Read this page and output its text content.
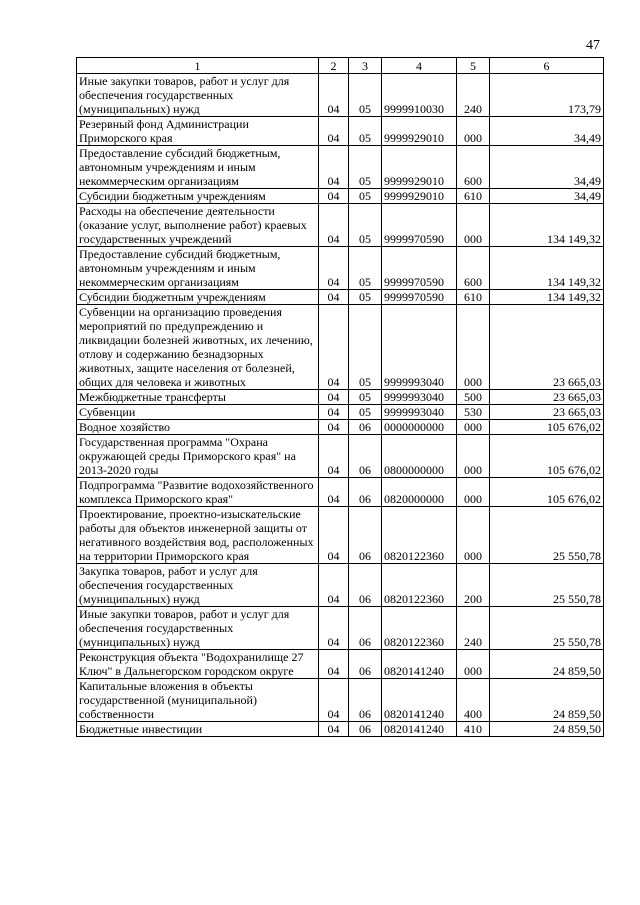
47
1	2	3	4	5	6
Иные закупки товаров, работ и услуг для обеспечения государственных (муниципальных) нужд	04	05	9999910030	240	173,79
Резервный фонд Администрации Приморского края	04	05	9999929010	000	34,49
Предоставление субсидий бюджетным, автономным учреждениям и иным некоммерческим организациям	04	05	9999929010	600	34,49
Субсидии бюджетным учреждениям	04	05	9999929010	610	34,49
Расходы на обеспечение деятельности (оказание услуг, выполнение работ) краевых государственных учреждений	04	05	9999970590	000	134 149,32
Предоставление субсидий бюджетным, автономным учреждениям и иным некоммерческим организациям	04	05	9999970590	600	134 149,32
Субсидии бюджетным учреждениям	04	05	9999970590	610	134 149,32
Субвенции на организацию проведения мероприятий по предупреждению и ликвидации болезней животных, их лечению, отлову и содержанию безнадзорных животных, защите населения от болезней, общих для человека и животных	04	05	9999993040	000	23 665,03
Межбюджетные трансферты	04	05	9999993040	500	23 665,03
Субвенции	04	05	9999993040	530	23 665,03
Водное хозяйство	04	06	0000000000	000	105 676,02
Государственная программа "Охрана окружающей среды Приморского края" на 2013-2020 годы	04	06	0800000000	000	105 676,02
Подпрограмма "Развитие водохозяйственного комплекса Приморского края"	04	06	0820000000	000	105 676,02
Проектирование, проектно-изыскательские работы для объектов инженерной защиты от негативного воздействия вод, расположенных на территории Приморского края	04	06	0820122360	000	25 550,78
Закупка товаров, работ и услуг для обеспечения государственных (муниципальных) нужд	04	06	0820122360	200	25 550,78
Иные закупки товаров, работ и услуг для обеспечения государственных (муниципальных) нужд	04	06	0820122360	240	25 550,78
Реконструкция объекта "Водохранилище 27 Ключ" в Дальнегорском городском округе	04	06	0820141240	000	24 859,50
Капитальные вложения в объекты государственной (муниципальной) собственности	04	06	0820141240	400	24 859,50
Бюджетные инвестиции	04	06	0820141240	410	24 859,50
